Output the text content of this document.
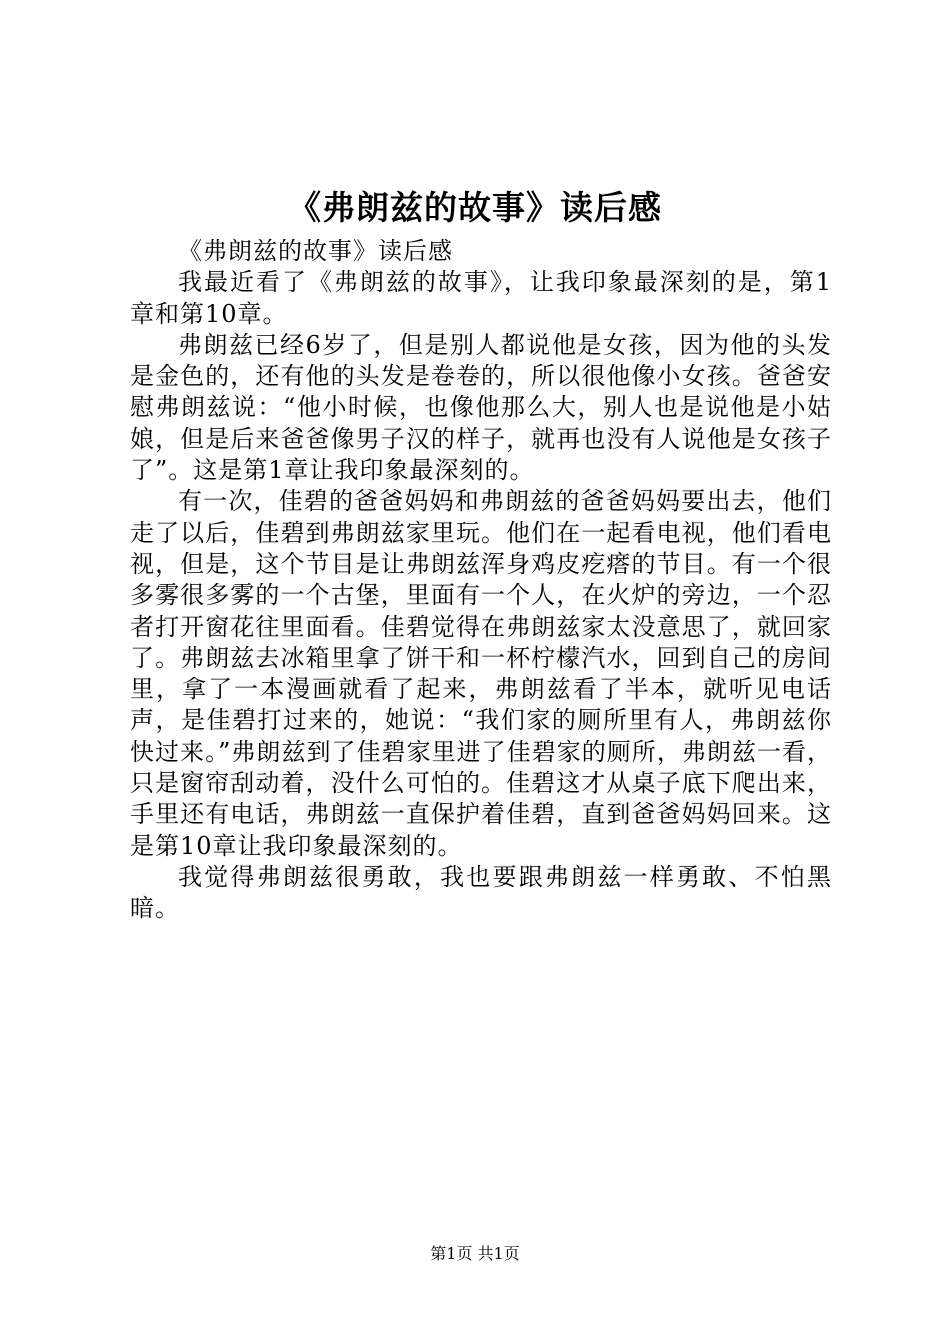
《弗朗兹的故事》读后感

《弗朗兹的故事》读后感

我最近看了《弗朗兹的故事》，让我印象最深刻的是，第1章和第10章。

弗朗兹已经6岁了，但是别人都说他是女孩，因为他的头发是金色的，还有他的头发是卷卷的，所以很他像小女孩。爸爸安慰弗朗兹说：“他小时候，也像他那么大，别人也是说他是小姑娘，但是后来爸爸像男子汉的样子，就再也没有人说他是女孩子了”。这是第1章让我印象最深刻的。

有一次，佳碧的爸爸妈妈和弗朗兹的爸爸妈妈要出去，他们走了以后，佳碧到弗朗兹家里玩。他们在一起看电视，他们看电视，但是，这个节目是让弗朗兹浑身鸡皮疙瘩的节目。有一个很多雾很多雾的一个古堡，里面有一个人，在火炉的旁边，一个忍者打开窗花往里面看。佳碧觉得在弗朗兹家太没意思了，就回家了。弗朗兹去冰箱里拿了饼干和一杯柠檬汽水，回到自己的房间里，拿了一本漫画就看了起来，弗朗兹看了半本，就听见电话声，是佳碧打过来的，她说：“我们家的厕所里有人，弗朗兹你快过来。”弗朗兹到了佳碧家里进了佳碧家的厕所，弗朗兹一看，只是窗帘刮动着，没什么可怕的。佳碧这才从桌子底下爬出来，手里还有电话，弗朗兹一直保护着佳碧，直到爸爸妈妈回来。这是第10章让我印象最深刻的。

我觉得弗朗兹很勇敢，我也要跟弗朗兹一样勇敢、不怕黑暗。

第1页 共1页
